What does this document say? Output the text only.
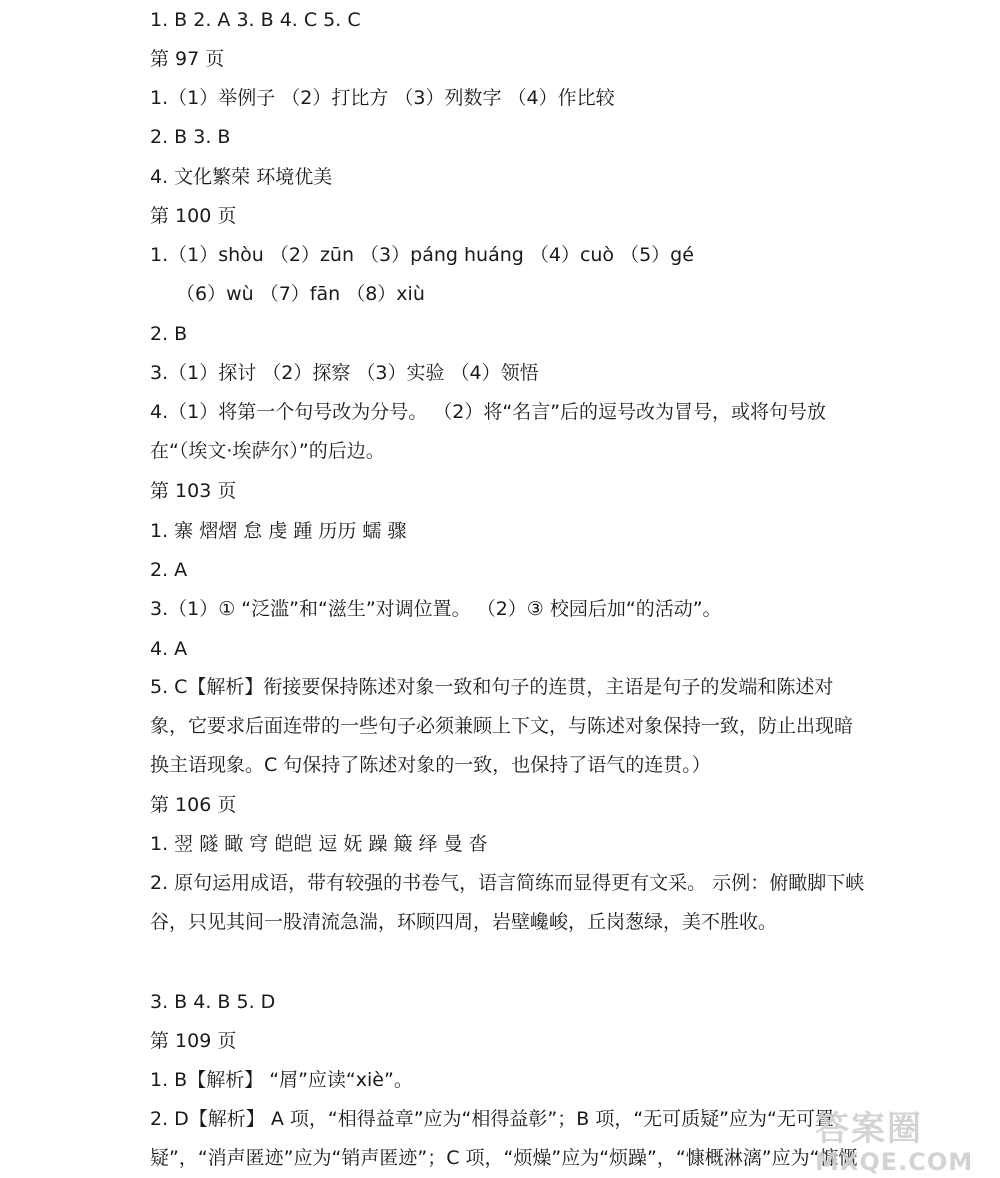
1. B 2. A 3. B 4. C 5. C
第 97 页
1.（1）举例子 （2）打比方 （3）列数字 （4）作比较
2. B 3. B
4. 文化繁荣 环境优美
第 100 页
1.（1）shòu （2）zūn （3）páng huáng （4）cuò （5）gé
（6）wù （7）fān （8）xiù
2. B
3.（1）探讨 （2）探察 （3）实验 （4）领悟
4.（1）将第一个句号改为分号。 （2）将“名言”后的逗号改为冒号，或将句号放在“（埃文·埃萨尔）”的后边。
第 103 页
1. 寨 熠熠 怠 虔 踵 历历 蠕 骤
2. A
3.（1）① “泛滥”和“滋生”对调位置。 （2）③ 校园后加“的活动”。
4. A
5. C【解析】衔接要保持陈述对象一致和句子的连贯，主语是句子的发端和陈述对象，它要求后面连带的一些句子必须兼顾上下文，与陈述对象保持一致，防止出现暗换主语现象。C 句保持了陈述对象的一致，也保持了语气的连贯。）
第 106 页
1. 翌 隧 瞰 穹 皑皑 逗 妩 躁 簸 绎 曼 沓
2. 原句运用成语，带有较强的书卷气，语言简练而显得更有文采。 示例：俯瞰脚下峡谷，只见其间一股清流急湍，环顾四周，岩壁巉峻，丘岗葱绿，美不胜收。
3. B 4. B 5. D
第 109 页
1. B【解析】 “屑”应读“xiè”。
2. D【解析】 A 项，“相得益章”应为“相得益彰”；B 项，“无可质疑”应为“无可置疑”，“消声匿迹”应为“销声匿迹”；C 项，“烦燥”应为“烦躁”，“慷概淋漓”应为“慷慨
答案圈
MXQE.COM
